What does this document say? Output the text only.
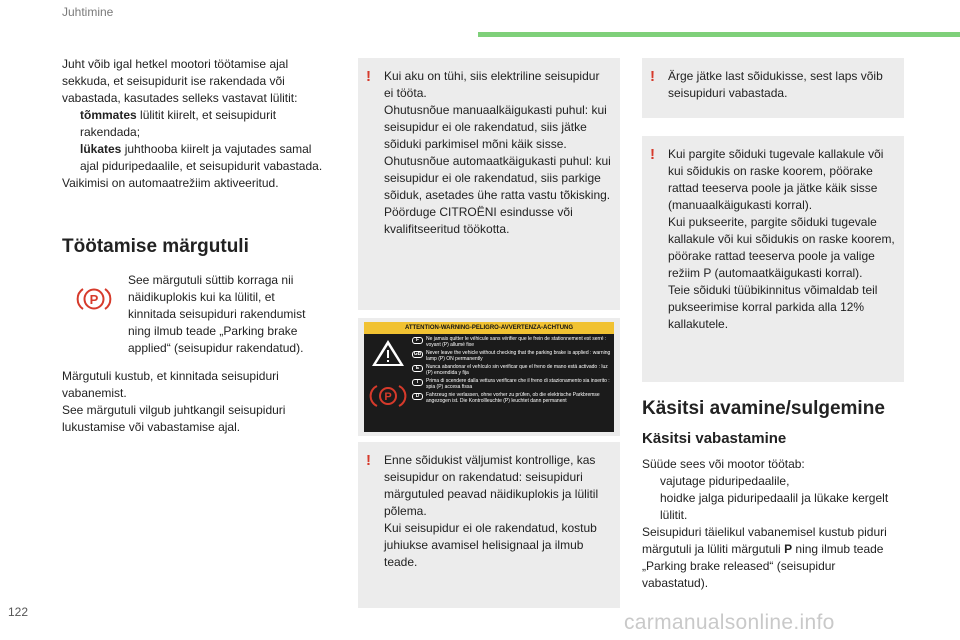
Juhtimine

Juht võib igal hetkel mootori töötamise ajal sekkuda, et seisupidurit ise rakendada või vabastada, kasutades selleks vastavat lülitit:

tõmmates lülitit kiirelt, et seisupidurit rakendada;
lükates juhthooba kiirelt ja vajutades samal ajal piduripedaalile, et seisupidurit vabastada.

Vaikimisi on automaatrežiim aktiveeritud.

Töötamise märgutuli
P
See märgutuli süttib korraga nii näidikuplokis kui ka lülitil, et kinnitada seisupiduri rakendumist ning ilmub teade „Parking brake applied“ (seisupidur rakendatud).

Märgutuli kustub, et kinnitada seisupiduri vabanemist.

See märgutuli vilgub juhtkangil seisupiduri lukustamise või vabastamise ajal.

! Kui aku on tühi, siis elektriline seisupidur ei tööta.

Ohutusnõue manuaalkäigukasti puhul: kui seisupidur ei ole rakendatud, siis jätke sõiduki parkimisel mõni käik sisse.

Ohutusnõue automaatkäigukasti puhul: kui seisupidur ei ole rakendatud, siis parkige sõiduk, asetades ühe ratta vastu tõkisking.

Pöörduge CITROËNI esindusse või kvalifitseeritud töökotta.

ATTENTION-WARNING-PELIGRO-AVVERTENZA-ACHTUNG
P
F	Ne jamais quitter le véhicule sans vérifier que le frein de stationnement est serré : voyant (P) allumé fixe
GB Never leave the vehicle without checking that the parking brake is applied : warning lamp (P) ON permanently
E	Nunca abandonar el vehículo sin verificar que el freno de mano está activado : luz (P) encendida y fija
I	Prima di scendere dalla vettura verificare che il freno di stazionamento sia inserito : spia (P) accesa fissa
D	Fahrzeug nie verlassen, ohne vorher zu prüfen, ob die elektrische Parkbremse angezogen ist. Die Kontrollleuchte (P) leuchtet dann permanent
! Enne sõidukist väljumist kontrollige, kas seisupidur on rakendatud: seisupiduri märgutuled peavad näidikuplokis ja lülitil põlema.

Kui seisupidur ei ole rakendatud, kostub juhiukse avamisel helisignaal ja ilmub teade.

! Ärge jätke last sõidukisse, sest laps võib seisupiduri vabastada.

! Kui pargite sõiduki tugevale kallakule või kui sõidukis on raske koorem, pöörake rattad teeserva poole ja jätke käik sisse (manuaalkäigukasti korral).

Kui pukseerite, pargite sõiduki tugevale kallakule või kui sõidukis on raske koorem, pöörake rattad teeserva poole ja valige režiim P (automaatkäigukasti korral).

Teie sõiduki tüübikinnitus võimaldab teil pukseerimise korral parkida alla 12% kallakutele.

Käsitsi avamine/sulgemine
Käsitsi vabastamine

Süüde sees või mootor töötab:

vajutage piduripedaalile,
hoidke jalga piduripedaalil ja lükake kergelt lülitit.

Seisupiduri täielikul vabanemisel kustub piduri märgutuli ja lüliti märgutuli P ning ilmub teade „Parking brake released“ (seisupidur vabastatud).

122	carmanualsonline.info
